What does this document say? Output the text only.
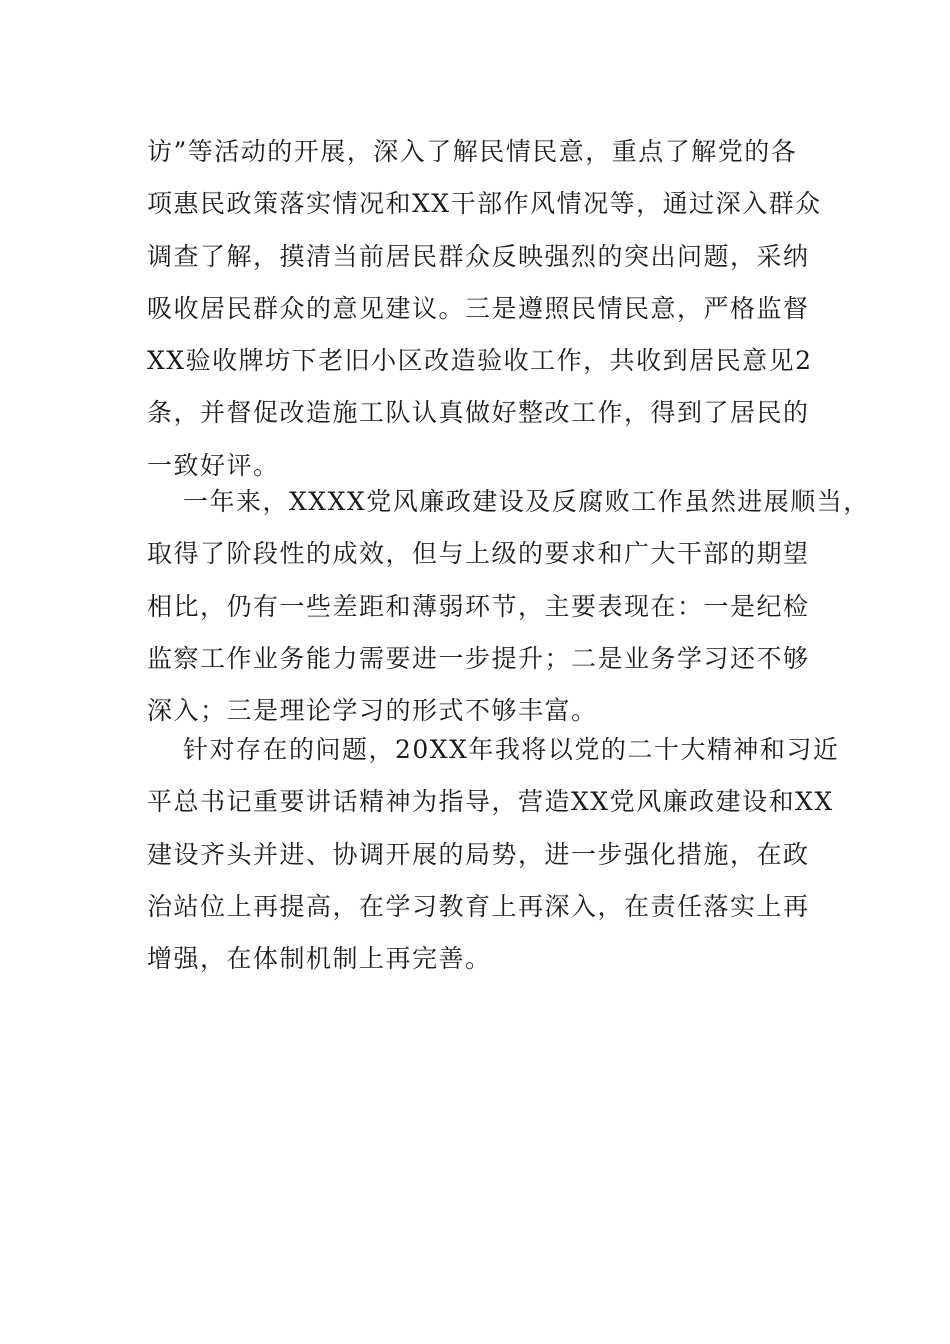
访”等活动的开展，深入了解民情民意，重点了解党的各
项惠民政策落实情况和XX干部作风情况等，通过深入群众
调查了解，摸清当前居民群众反映强烈的突出问题，采纳
吸收居民群众的意见建议。三是遵照民情民意，严格监督
XX验收牌坊下老旧小区改造验收工作，共收到居民意见2
条，并督促改造施工队认真做好整改工作，得到了居民的
一致好评。
一年来，XXXX党风廉政建设及反腐败工作虽然进展顺当，
取得了阶段性的成效，但与上级的要求和广大干部的期望
相比，仍有一些差距和薄弱环节，主要表现在：一是纪检
监察工作业务能力需要进一步提升；二是业务学习还不够
深入；三是理论学习的形式不够丰富。
针对存在的问题，20XX年我将以党的二十大精神和习近
平总书记重要讲话精神为指导，营造XX党风廉政建设和XX
建设齐头并进、协调开展的局势，进一步强化措施，在政
治站位上再提高，在学习教育上再深入，在责任落实上再
增强，在体制机制上再完善。
